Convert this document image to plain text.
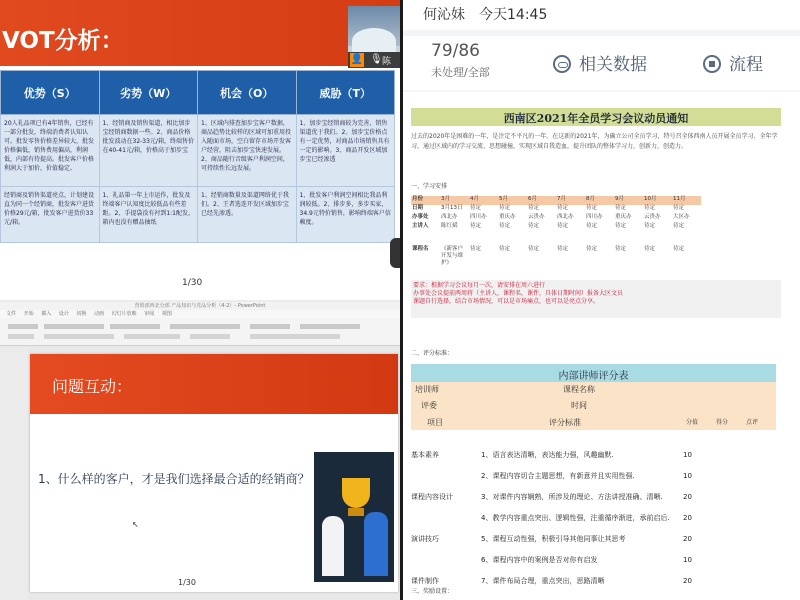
VOT分析：
👤 🎙 陈
优势（S）	劣势（W）	机会（O）	威胁（T）
20人礼品项已有4年销售，已经有一部分批发，终端消费者认知认可。批发零售价格差异较大，批发价格偏低，销售费用偏高，利润低，内部有待提高。批发客户价格利润大于加价，价值稳定。	1、经销商及销售渠道，相比加步宝经销商数据一些。2、商品价格批发波动在32-33元/箱，终端售价在40-41元/箱，价格高于加步宝	1、区域内排查加步宝客户数据，商品趋势比较样的区域可加重用投入随面市场，空白留存市场开发客户经营，阻击加步宝快速发展。2、商品随行音级客户利润空间，可持续性长远发展。	1、加步宝经销商较为完善，销售渠道优于我们。2、加步宝价格点有一定优势，对商品市场销售具有一定的影响。3、商品开发区域加步宝已经渗透
经销商及销售渠道亮点，计划建设直为同一个经销商，批发客户进货价格29元/箱，批发客户进货价33元/箱。	1、礼品第一年上市运作，批发及终端客户认知度比较低品有些差距。2、手提袋没有衬到1:1配发，箱内也没有赠品抽纸	1、经销商数量及渠道网络优于我们。2、王者选连开发区域加步宝已经先渗透。	1、批发客户利润空间相比我品利润较低。2、排步多，多步买家，34.9元特价销售，影响终端客户信赖度。
1/30
营销部西北分部 产品知识与竞品分析（4-2）- PowerPoint
文件 开始 插入 设计 切换 动画 幻灯片放映 审阅 视图
问题互动：
1、什么样的客户，才是我们选择最合适的经销商？
↖
1/30
何沁妹 今天14:45
79/86
未处理/全部	相关数据	流程
西南区2021年全员学习会议动员通知
过去的2020年是困难的一年，是注定不平凡的一年。在这新的2021年，为确立公司全员学习，特号召全体西南人员开展全员学习、全年学习，通过区域内的学习交流、思想碰撞，实现区域自我造血，提升团队的整体学习力，创新力，创造力。
一、学习安排
月份	3月	4月	5月	6月	7月	8月	9月	10月	11月
日期	3月13日	待定	待定	待定	待定	待定	待定	待定	待定
办事处	西北办	四川办	重庆办	云贵办	西北办	四川办	重庆办	云贵办	大区办
主讲人	陈红斌	待定	待定	待定	待定	待定	待定	待定	待定
课程名	《新客户开发与维护》	待定	待定	待定	待定	待定	待定	待定	待定
要求：根据学习会议每月一次，请安排在周六进行
办事处会议提前两周将（主讲人，课程名，课件，具体日期时间）报备大区文员
课题自行选择，结合市场情况，可以是市场痛点，也可以是亮点分享。
二、评分标准：
内部讲师评分表
培训师	课程名称
评委	时间
项目	评分标准	分值	得分	点评
基本素养	1、语言表达清晰，表达能力强，风趣幽默.	10	
	2、课程内容切合主题思想，有新意并且实用性强.	10	
课程内容设计	3、对课件内容娴熟，所涉及的理论、方法讲授准确、清晰.	20	
	4、教学内容重点突出、逻辑性强，注重循序渐进，承前启后.	20	
演讲技巧	5、课程互动性强，积极引导其他同事让其思考	20	
	6、课程内容中的案例是否对你有启发	10	
课件制作	7、课件布局合理，重点突出，思路清晰	20	
三、奖励设置：
